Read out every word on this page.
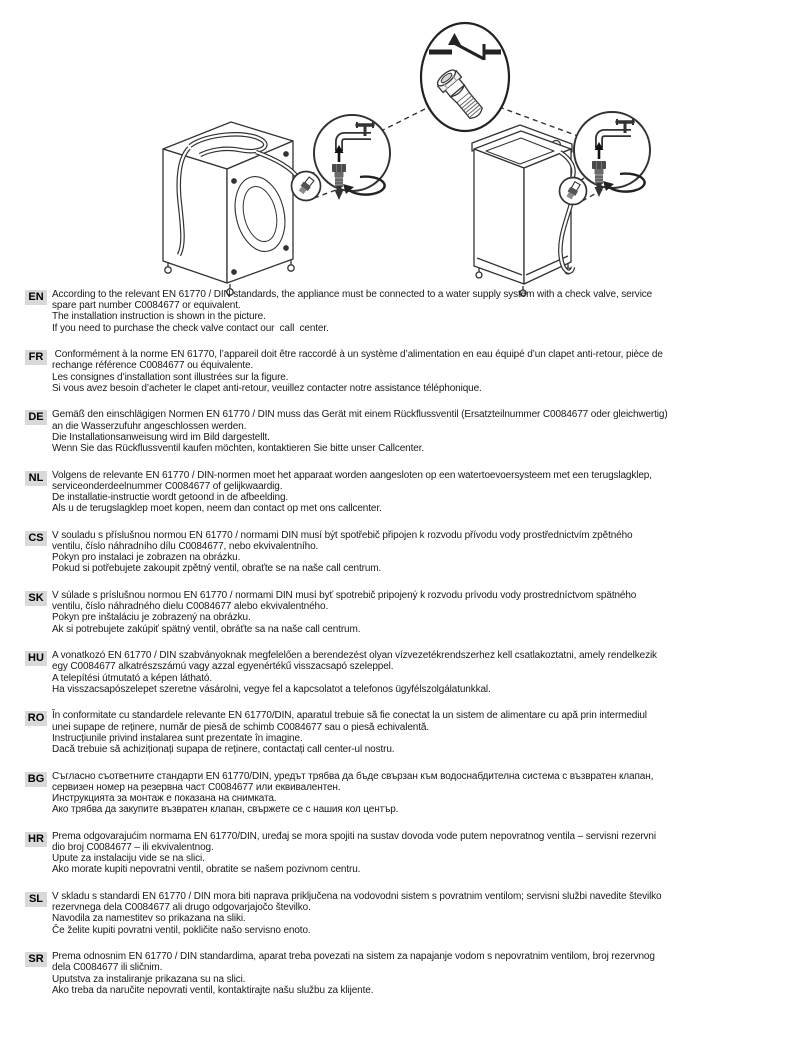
EN According to the relevant EN 61770 / DIN standards, the appliance must be connected to a water supply system with a check valve, service
spare part number C0084677 or equivalent.
The installation instruction is shown in the picture.
If you need to purchase the check valve contact our  call  center.
FR Conformément à la norme EN 61770, l’appareil doit être raccordé à un système d’alimentation en eau équipé d’un clapet anti-retour, pièce de
rechange référence C0084677 ou équivalente.
Les consignes d’installation sont illustrées sur la figure.
Si vous avez besoin d’acheter le clapet anti-retour, veuillez contacter notre assistance téléphonique.
DE Gemäß den einschlägigen Normen EN 61770 / DIN muss das Gerät mit einem Rückflussventil (Ersatzteilnummer C0084677 oder gleichwertig)
an die Wasserzufuhr angeschlossen werden.
Die Installationsanweisung wird im Bild dargestellt.
Wenn Sie das Rückflussventil kaufen möchten, kontaktieren Sie bitte unser Callcenter.
NL Volgens de relevante EN 61770 / DIN-normen moet het apparaat worden aangesloten op een watertoevoersysteem met een terugslagklep,
serviceonderdeelnummer C0084677 of gelijkwaardig.
De installatie-instructie wordt getoond in de afbeelding.
Als u de terugslagklep moet kopen, neem dan contact op met ons callcenter.
CS V souladu s příslušnou normou EN 61770 / normami DIN musí být spotřebič připojen k rozvodu přívodu vody prostřednictvím zpětného
ventilu, číslo náhradního dílu C0084677, nebo ekvivalentního.
Pokyn pro instalaci je zobrazen na obrázku.
Pokud si potřebujete zakoupit zpětný ventil, obraťte se na naše call centrum.
SK V súlade s príslušnou normou EN 61770 / normami DIN musí byť spotrebič pripojený k rozvodu prívodu vody prostredníctvom spätného
ventilu, číslo náhradného dielu C0084677 alebo ekvivalentného.
Pokyn pre inštaláciu je zobrazený na obrázku.
Ak si potrebujete zakúpiť spätný ventil, obráťte sa na naše call centrum.
HU A vonatkozó EN 61770 / DIN szabványoknak megfelelően a berendezést olyan vízvezetékrendszerhez kell csatlakoztatni, amely rendelkezik
egy C0084677 alkatrészszámú vagy azzal egyenértékű visszacsapó szeleppel.
A telepítési útmutató a képen látható.
Ha visszacsapószelepet szeretne vásárolni, vegye fel a kapcsolatot a telefonos ügyfélszolgálatunkkal.
RO În conformitate cu standardele relevante EN 61770/DIN, aparatul trebuie să fie conectat la un sistem de alimentare cu apă prin intermediul
unei supape de reținere, număr de piesă de schimb C0084677 sau o piesă echivalentă.
Instrucțiunile privind instalarea sunt prezentate în imagine.
Dacă trebuie să achiziționați supapa de reținere, contactați call center-ul nostru.
BG Съгласно съответните стандарти EN 61770/DIN, уредът трябва да бъде свързан към водоснабдителна система с възвратен клапан,
сервизен номер на резервна част C0084677 или еквивалентен.
Инструкцията за монтаж е показана на снимката.
Ако трябва да закупите възвратен клапан, свържете се с нашия кол център.
HR Prema odgovarajućim normama EN 61770/DIN, uređaj se mora spojiti na sustav dovoda vode putem nepovratnog ventila – servisni rezervni
dio broj C0084677 – ili ekvivalentnog.
Upute za instalaciju vide se na slici.
Ako morate kupiti nepovratni ventil, obratite se našem pozivnom centru.
SL V skladu s standardi EN 61770 / DIN mora biti naprava priključena na vodovodni sistem s povratnim ventilom; servisni službi navedite številko
rezervnega dela C0084677 ali drugo odgovarjajočo številko.
Navodila za namestitev so prikazana na sliki.
Če želite kupiti povratni ventil, pokličite našo servisno enoto.
SR Prema odnosnim EN 61770 / DIN standardima, aparat treba povezati na sistem za napajanje vodom s nepovratnim ventilom, broj rezervnog
dela C0084677 ili sličnim.
Uputstva za instaliranje prikazana su na slici.
Ako treba da naručite nepovrati ventil, kontaktirajte našu službu za klijente.
